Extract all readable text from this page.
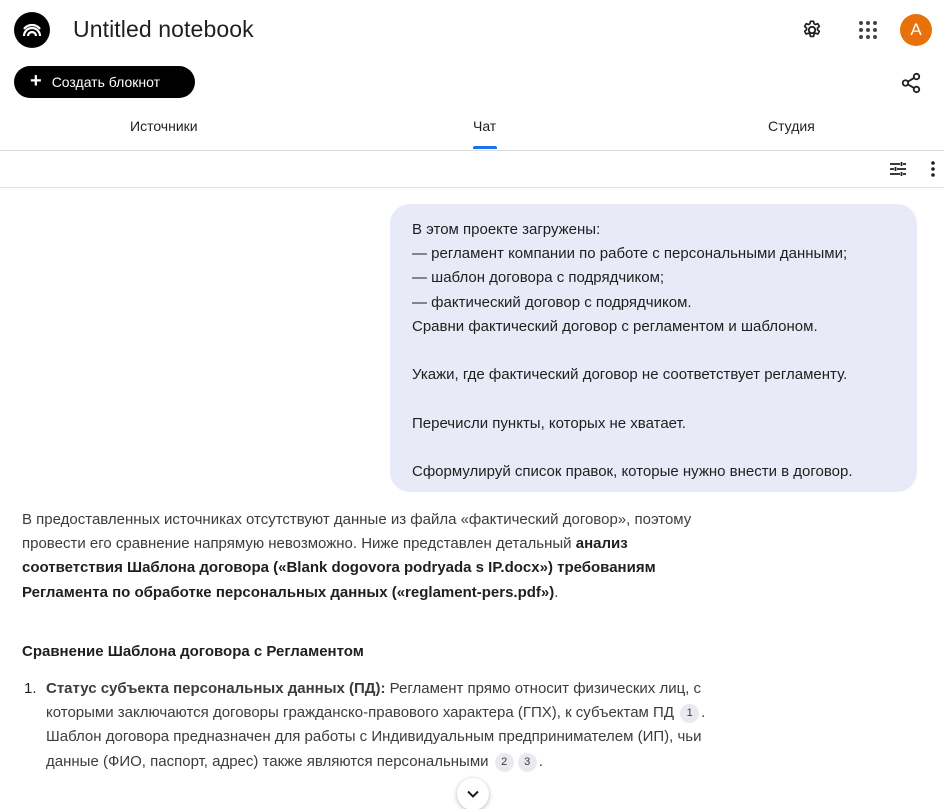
Untitled notebook	A
+ Создать блокнот
Источники	Чат	Студия

В этом проекте загружены:

— регламент компании по работе с персональными данными;

— шаблон договора с подрядчиком;

— фактический договор с подрядчиком.

Сравни фактический договор с регламентом и шаблоном.

Укажи, где фактический договор не соответствует регламенту.

Перечисли пункты, которых не хватает.

Сформулируй список правок, которые нужно внести в договор.

В предоставленных источниках отсутствуют данные из файла «фактический договор», поэтому провести его сравнение напрямую невозможно. Ниже представлен детальный анализ соответствия Шаблона договора («Blank dogovora podryada s IP.docx») требованиям Регламента по обработке персональных данных («reglament-pers.pdf»).
Сравнение Шаблона договора с Регламентом
1. Статус субъекта персональных данных (ПД): Регламент прямо относит физических лиц, с которыми заключаются договоры гражданско-правового характера (ГПХ), к субъектам ПД 1 . Шаблон договора предназначен для работы с Индивидуальным предпринимателем (ИП), чьи данные (ФИО, паспорт, адрес) также являются персональными 2 3 .
